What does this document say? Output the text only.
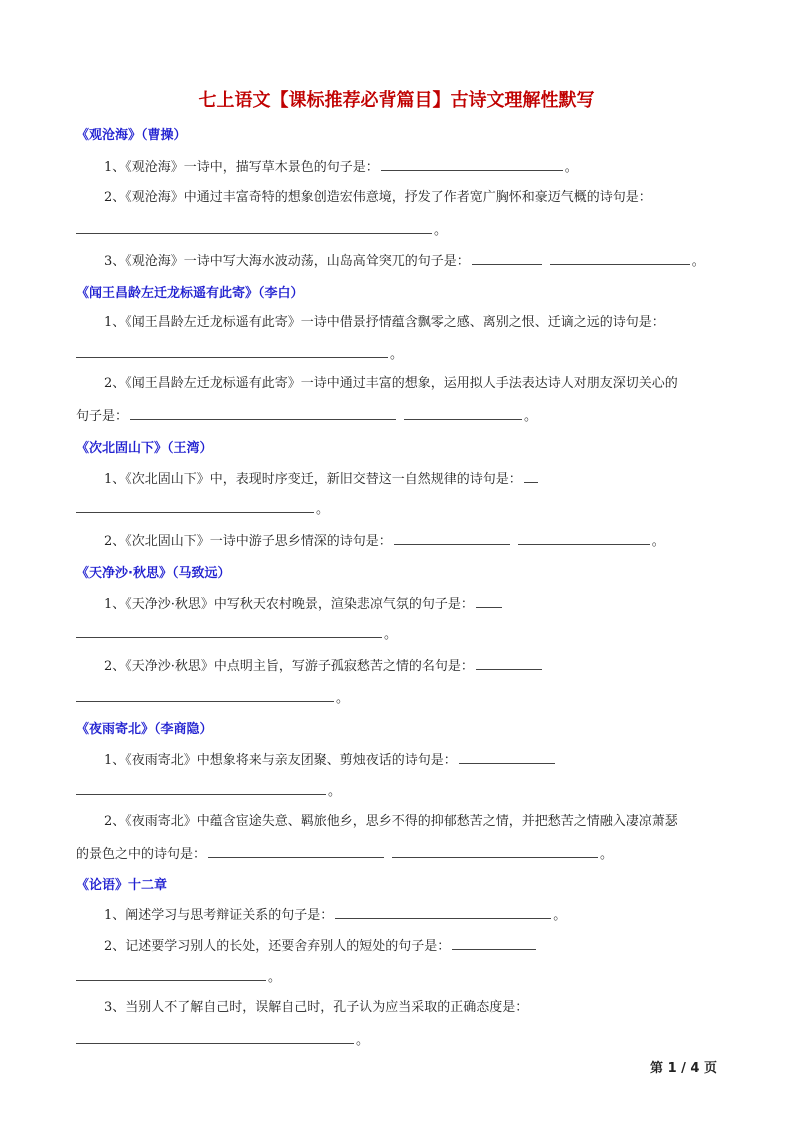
七上语文【课标推荐必背篇目】古诗文理解性默写
《观沧海》（曹操）
1、《观沧海》一诗中，描写草木景色的句子是：	。
2、《观沧海》中通过丰富奇特的想象创造宏伟意境，抒发了作者宽广胸怀和豪迈气概的诗句是：
。
3、《观沧海》一诗中写大海水波动荡，山岛高耸突兀的句子是：	。
《闻王昌龄左迁龙标遥有此寄》（李白）
1、《闻王昌龄左迁龙标遥有此寄》一诗中借景抒情蕴含飘零之感、离别之恨、迁谪之远的诗句是：
。
2、《闻王昌龄左迁龙标遥有此寄》一诗中通过丰富的想象，运用拟人手法表达诗人对朋友深切关心的
句子是：	。
《次北固山下》（王湾）
1、《次北固山下》中，表现时序变迁，新旧交替这一自然规律的诗句是：
。
2、《次北固山下》一诗中游子思乡情深的诗句是：	。
《天净沙·秋思》（马致远）
1、《天净沙·秋思》中写秋天农村晚景，渲染悲凉气氛的句子是：
。
2、《天净沙·秋思》中点明主旨，写游子孤寂愁苦之情的名句是：
。
《夜雨寄北》（李商隐）
1、《夜雨寄北》中想象将来与亲友团聚、剪烛夜话的诗句是：
。
2、《夜雨寄北》中蕴含宦途失意、羁旅他乡，思乡不得的抑郁愁苦之情，并把愁苦之情融入凄凉萧瑟
的景色之中的诗句是：	。
《论语》十二章
1、阐述学习与思考辩证关系的句子是：	。
2、记述要学习别人的长处，还要舍弃别人的短处的句子是：
。
3、当别人不了解自己时，误解自己时，孔子认为应当采取的正确态度是：
。
第 1 / 4 页
